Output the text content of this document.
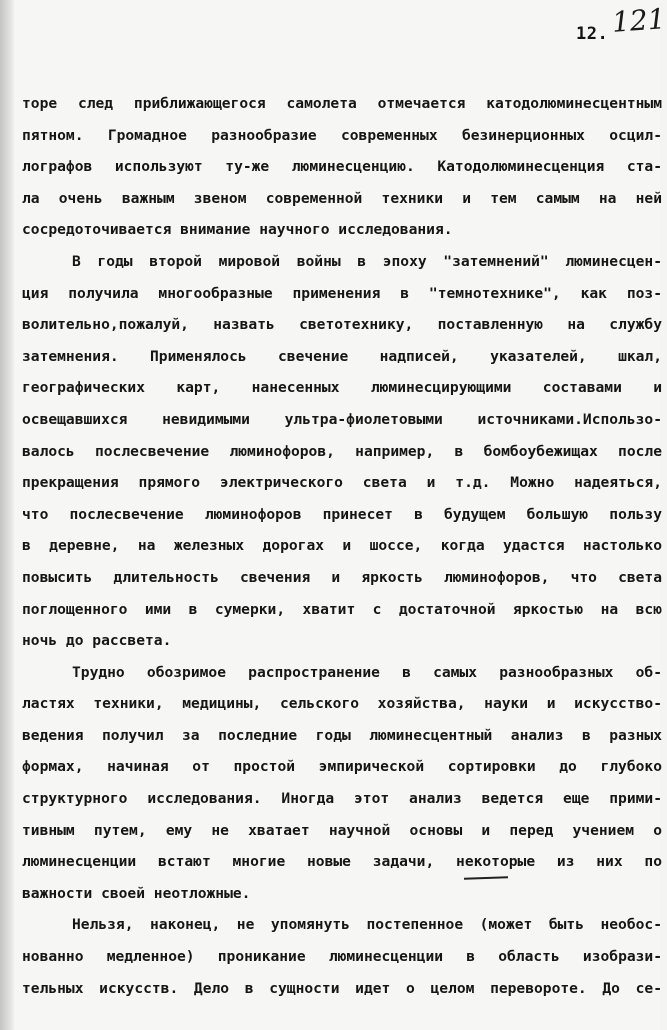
12. 121
торе след приближающегося самолета отмечается катодолюминесцентным
пятном. Громадное разнообразие современных безинерционных осцил-
лографов используют ту-же люминесценцию. Катодолюминесценция ста-
ла очень важным звеном современной техники и тем самым на ней
сосредоточивается внимание научного исследования.
В годы второй мировой войны в эпоху "затемнений" люминесцен-
ция получила многообразные применения в "темнотехнике", как поз-
волительно,пожалуй, назвать светотехнику, поставленную на службу
затемнения. Применялось свечение надписей, указателей, шкал,
географических карт, нанесенных люминесцирующими составами и
освещавшихся невидимыми ультра-фиолетовыми источниками.Использо-
валось послесвечение люминофоров, например, в бомбоубежищах после
прекращения прямого электрического света и т.д. Можно надеяться,
что послесвечение люминофоров принесет в будущем большую пользу
в деревне, на железных дорогах и шоссе, когда удастся настолько
повысить длительность свечения и яркость люминофоров, что света
поглощенного ими в сумерки, хватит с достаточной яркостью на всю
ночь до рассвета.
Трудно обозримое распространение в самых разнообразных об-
ластях техники, медицины, сельского хозяйства, науки и искусство-
ведения получил за последние годы люминесцентный анализ в разных
формах, начиная от простой эмпирической сортировки до глубоко
структурного исследования. Иногда этот анализ ведется еще прими-
тивным путем, ему не хватает научной основы и перед учением о
люминесценции встают многие новые задачи, некоторые из них по
важности своей неотложные.
Нельзя, наконец, не упомянуть постепенное (может быть необос-
нованно медленное) проникание люминесценции в область изобрази-
тельных искусств. Дело в сущности идет о целом перевороте. До се-
